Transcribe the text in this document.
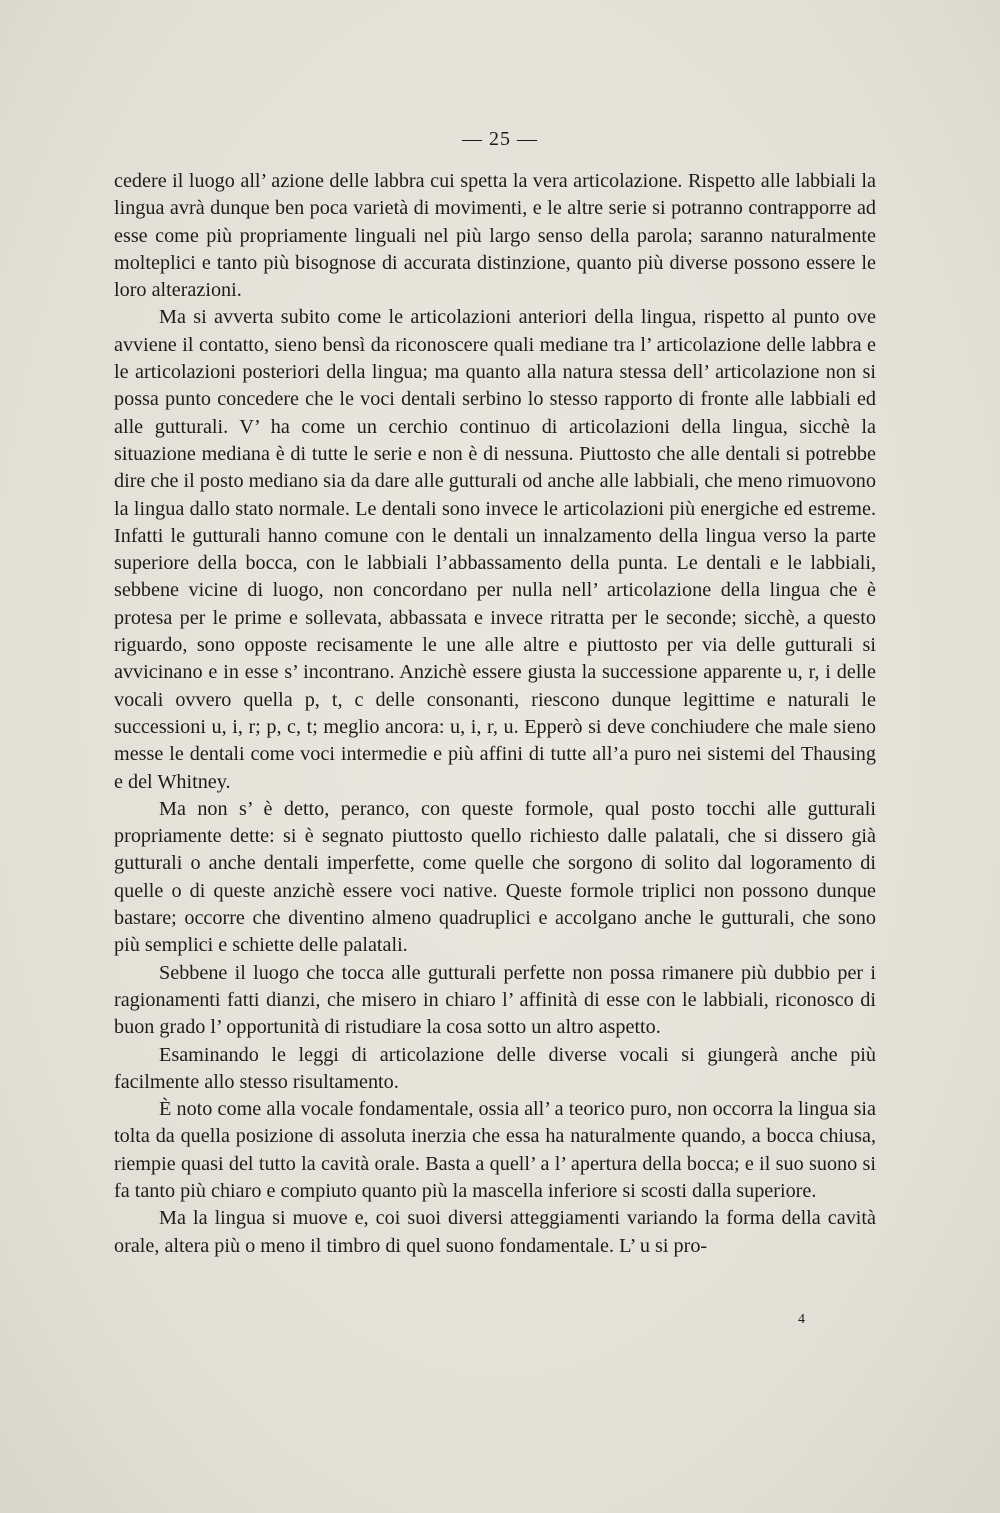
— 25 —

cedere il luogo all’ azione delle labbra cui spetta la vera articolazione. Rispetto alle labbiali la lingua avrà dunque ben poca varietà di movimenti, e le altre serie si potranno contrapporre ad esse come più propriamente linguali nel più largo senso della parola; saranno naturalmente molteplici e tanto più bisognose di accurata distinzione, quanto più diverse possono essere le loro alterazioni.

Ma si avverta subito come le articolazioni anteriori della lingua, rispetto al punto ove avviene il contatto, sieno bensì da riconoscere quali mediane tra l’ articolazione delle labbra e le articolazioni posteriori della lingua; ma quanto alla natura stessa dell’ articolazione non si possa punto concedere che le voci dentali serbino lo stesso rapporto di fronte alle labbiali ed alle gutturali. V’ ha come un cerchio continuo di articolazioni della lingua, sicchè la situazione mediana è di tutte le serie e non è di nessuna. Piuttosto che alle dentali si potrebbe dire che il posto mediano sia da dare alle gutturali od anche alle labbiali, che meno rimuovono la lingua dallo stato normale. Le dentali sono invece le articolazioni più energiche ed estreme. Infatti le gutturali hanno comune con le dentali un innalzamento della lingua verso la parte superiore della bocca, con le labbiali l’abbassamento della punta. Le dentali e le labbiali, sebbene vicine di luogo, non concordano per nulla nell’ articolazione della lingua che è protesa per le prime e sollevata, abbassata e invece ritratta per le seconde; sicchè, a questo riguardo, sono opposte recisamente le une alle altre e piuttosto per via delle gutturali si avvicinano e in esse s’ incontrano. Anzichè essere giusta la successione apparente u, r, i delle vocali ovvero quella p, t, c delle consonanti, riescono dunque legittime e naturali le successioni u, i, r; p, c, t; meglio ancora: u, i, r, u. Epperò si deve conchiudere che male sieno messe le dentali come voci intermedie e più affini di tutte all’a puro nei sistemi del Thausing e del Whitney.

Ma non s’ è detto, peranco, con queste formole, qual posto tocchi alle gutturali propriamente dette: si è segnato piuttosto quello richiesto dalle palatali, che si dissero già gutturali o anche dentali imperfette, come quelle che sorgono di solito dal logoramento di quelle o di queste anzichè essere voci native. Queste formole triplici non possono dunque bastare; occorre che diventino almeno quadruplici e accolgano anche le gutturali, che sono più semplici e schiette delle palatali.

Sebbene il luogo che tocca alle gutturali perfette non possa rimanere più dubbio per i ragionamenti fatti dianzi, che misero in chiaro l’ affinità di esse con le labbiali, riconosco di buon grado l’ opportunità di ristudiare la cosa sotto un altro aspetto.

Esaminando le leggi di articolazione delle diverse vocali si giungerà anche più facilmente allo stesso risultamento.

È noto come alla vocale fondamentale, ossia all’ a teorico puro, non occorra la lingua sia tolta da quella posizione di assoluta inerzia che essa ha naturalmente quando, a bocca chiusa, riempie quasi del tutto la cavità orale. Basta a quell’ a l’ apertura della bocca; e il suo suono si fa tanto più chiaro e compiuto quanto più la mascella inferiore si scosti dalla superiore.

Ma la lingua si muove e, coi suoi diversi atteggiamenti variando la forma della cavità orale, altera più o meno il timbro di quel suono fondamentale. L’ u si pro-

4
